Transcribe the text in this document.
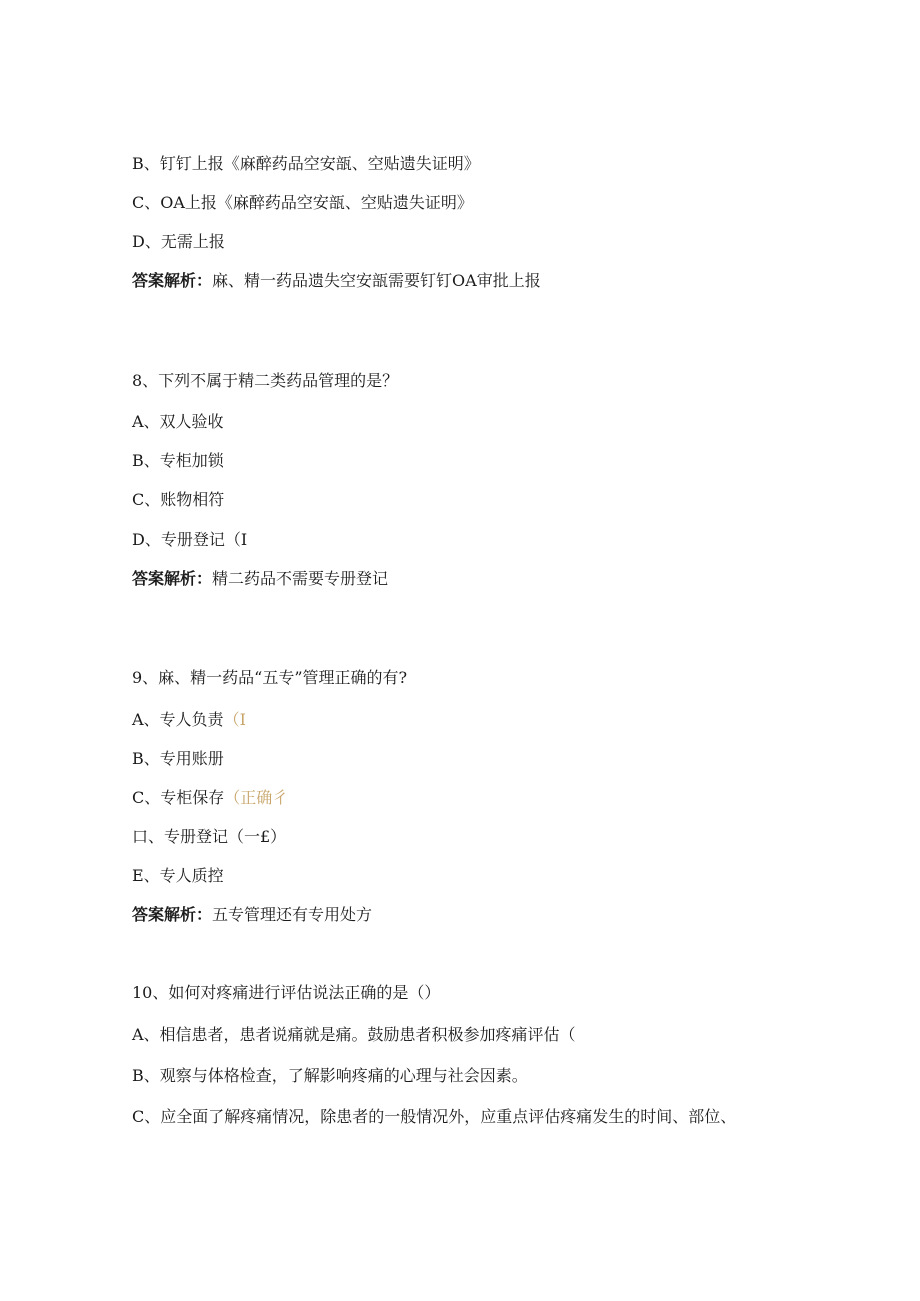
B、钉钉上报《麻醉药品空安瓿、空贴遗失证明》
C、OA上报《麻醉药品空安瓿、空贴遗失证明》
D、无需上报
答案解析：麻、精一药品遗失空安瓿需要钉钉OA审批上报
8、下列不属于精二类药品管理的是？
A、双人验收
B、专柜加锁
C、账物相符
D、专册登记（I
答案解析：精二药品不需要专册登记
9、麻、精一药品“五专”管理正确的有?
A、专人负责（I
B、专用账册
C、专柜保存（正确彳
口、专册登记（一£）
E、专人质控
答案解析：五专管理还有专用处方
10、如何对疼痛进行评估说法正确的是（）
A、相信患者，患者说痛就是痛。鼓励患者积极参加疼痛评估（
B、观察与体格检查，了解影响疼痛的心理与社会因素。
C、应全面了解疼痛情况，除患者的一般情况外，应重点评估疼痛发生的时间、部位、
